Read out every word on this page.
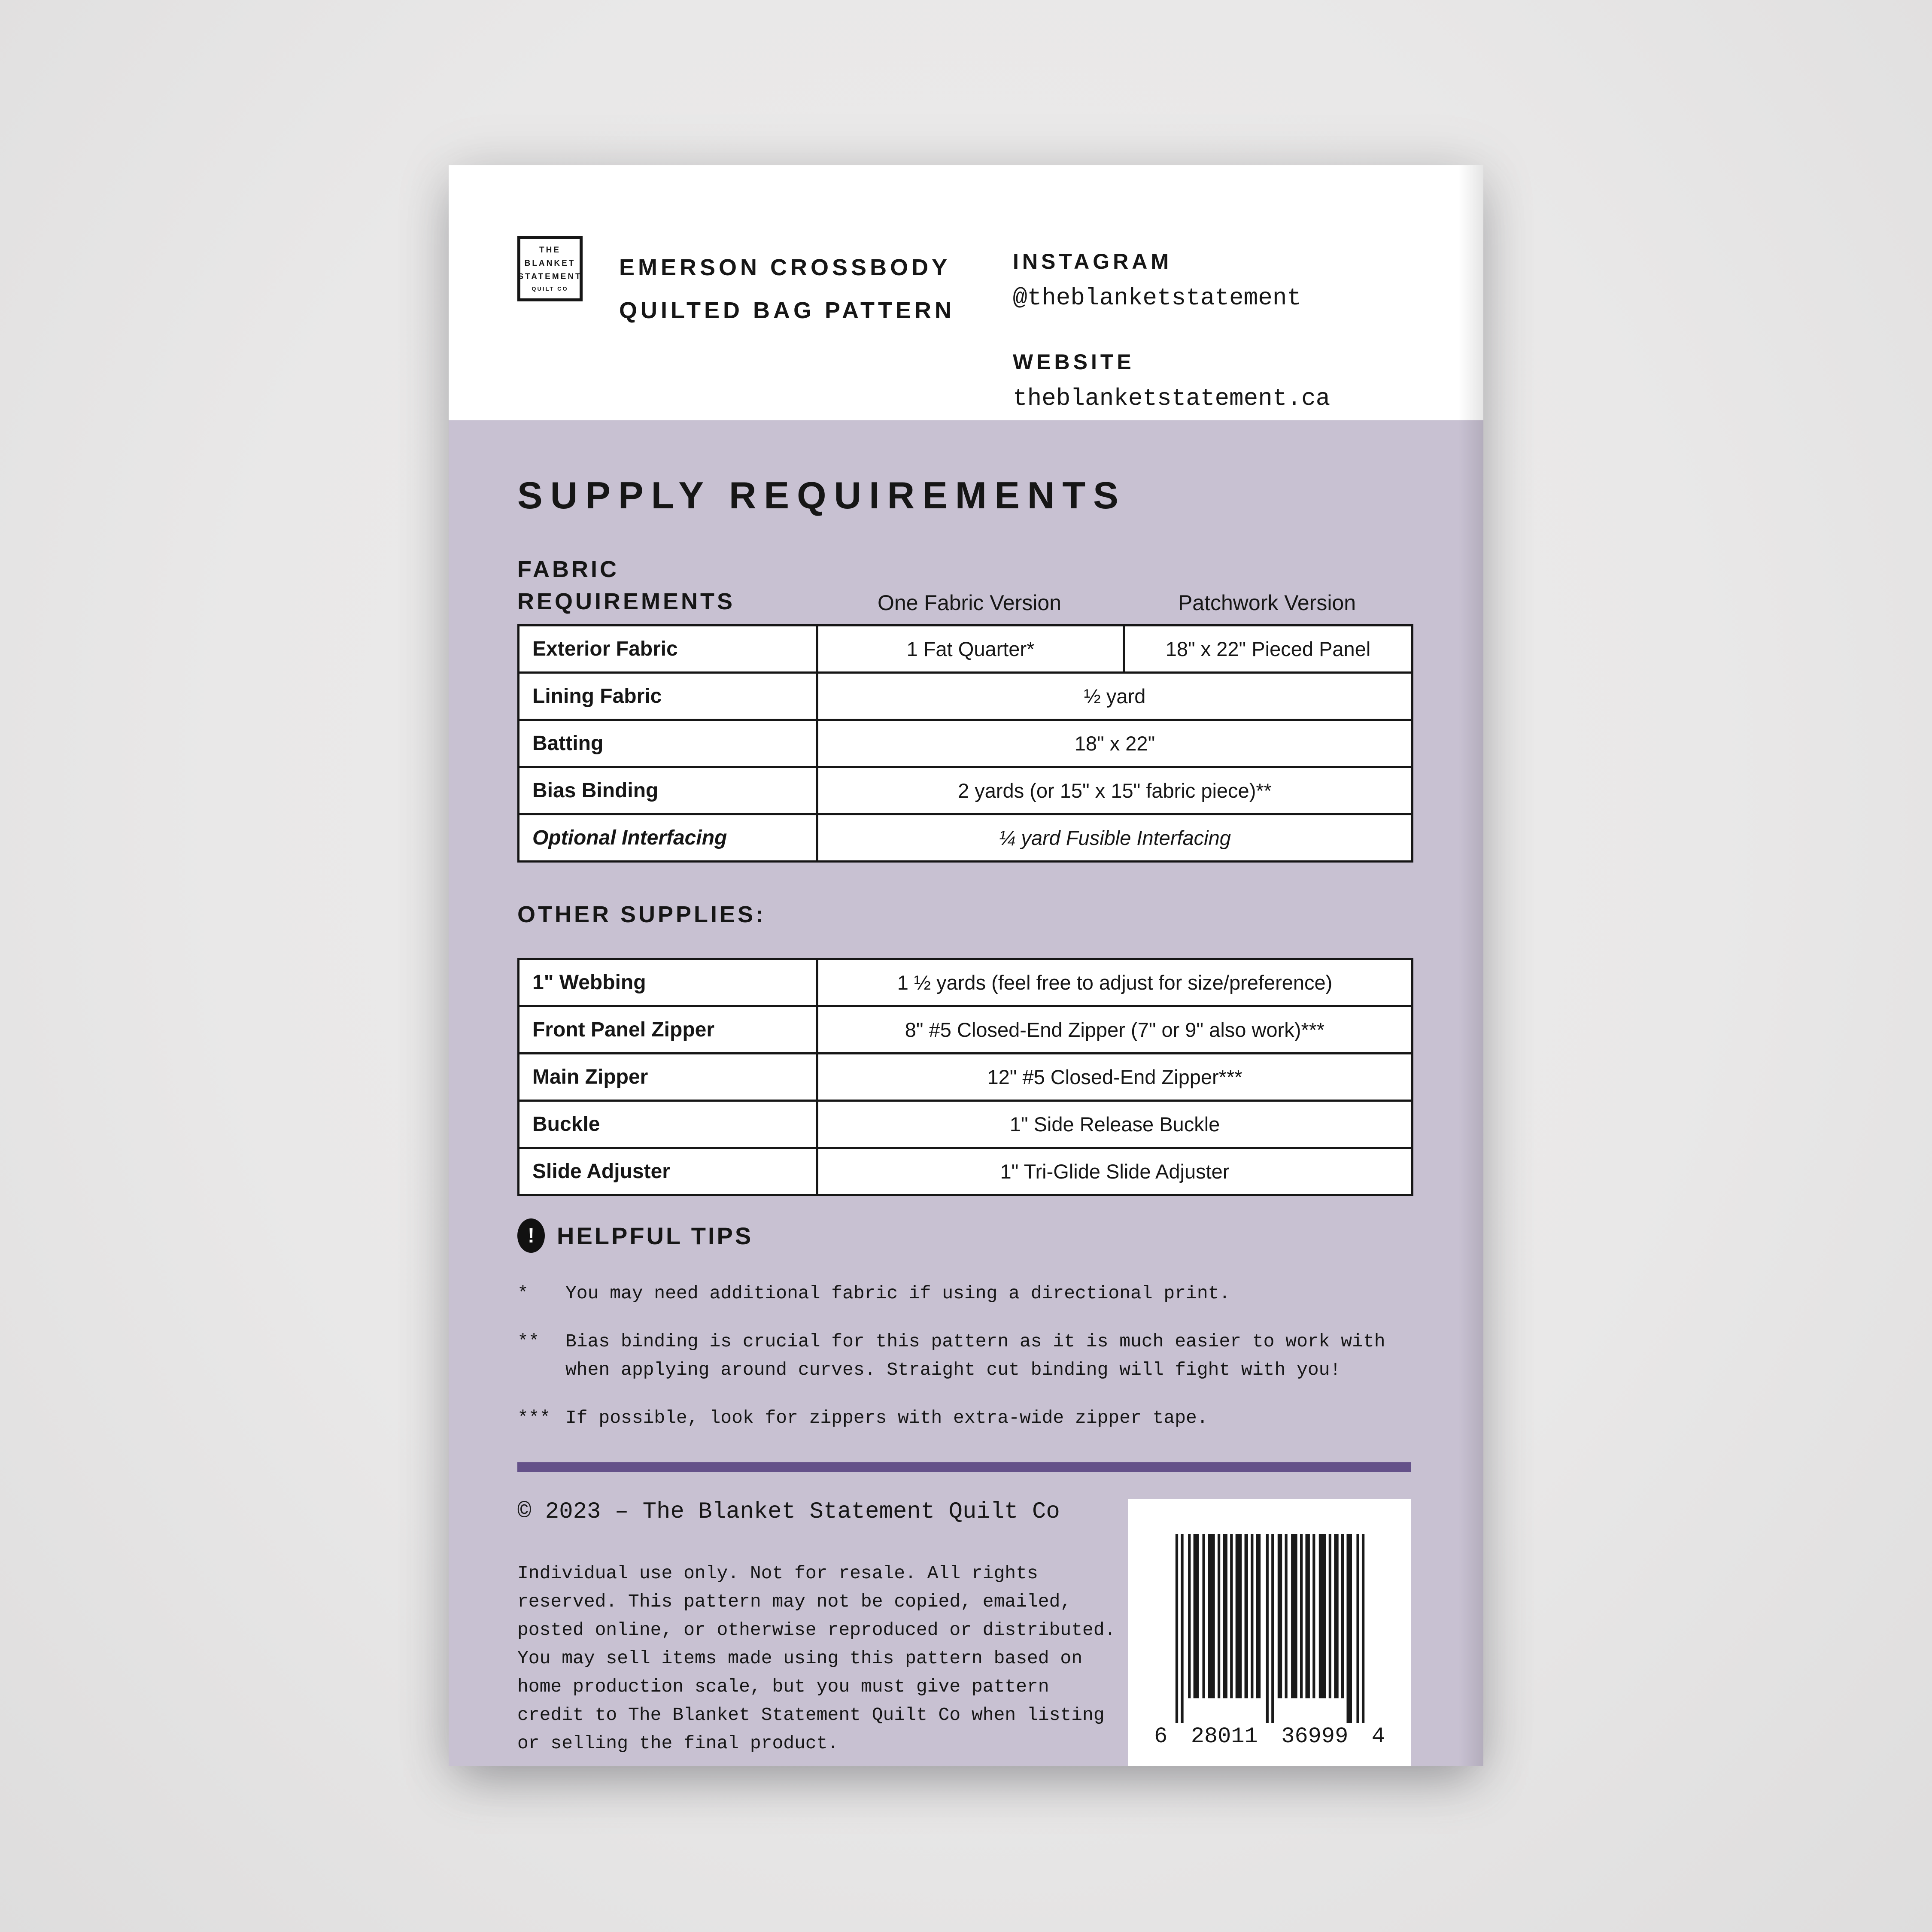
THE
BLANKET
STATEMENT
QUILT CO
EMERSON CROSSBODY
QUILTED BAG PATTERN
INSTAGRAM
@theblanketstatement
WEBSITE
theblanketstatement.ca
SUPPLY REQUIREMENTS
FABRIC
REQUIREMENTS	One Fabric Version	Patchwork Version
Exterior Fabric	1 Fat Quarter*	18" x 22" Pieced Panel
Lining Fabric	½ yard	
Batting	18" x 22"	
Bias Binding	2 yards (or 15" x 15" fabric piece)**	
Optional Interfacing	¼ yard Fusible Interfacing	
OTHER SUPPLIES:
1" Webbing	1 ½ yards (feel free to adjust for size/preference)
Front Panel Zipper	8" #5 Closed-End Zipper (7" or 9" also work)***
Main Zipper	12" #5 Closed-End Zipper***
Buckle	1" Side Release Buckle
Slide Adjuster	1" Tri-Glide Slide Adjuster
! HELPFUL TIPS
*	You may need additional fabric if using a directional print.
**	Bias binding is crucial for this pattern as it is much easier to work with when applying around curves. Straight cut binding will fight with you!
*** If possible, look for zippers with extra-wide zipper tape.
© 2023 – The Blanket Statement Quilt Co
Individual use only. Not for resale. All rights reserved. This pattern may not be copied, emailed, posted online, or otherwise reproduced or distributed. You may sell items made using this pattern based on home production scale, but you must give pattern credit to The Blanket Statement Quilt Co when listing or selling the final product.	6 28011 36999 4
